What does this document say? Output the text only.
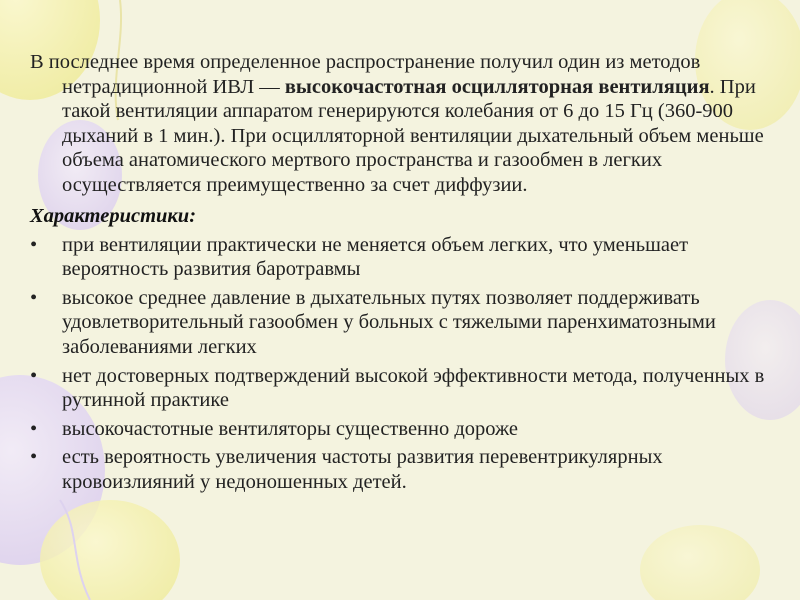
В последнее время определенное распространение получил один из методов нетрадиционной ИВЛ — высокочастотная осцилляторная вентиляция. При такой вентиляции аппаратом генерируются колебания от 6 до 15 Гц (360-900 дыханий в 1 мин.). При осцилляторной вентиляции дыхательный объем меньше объема анатомического мертвого пространства и газообмен в легких осуществляется преимущественно за счет диффузии.

Характеристики:
•	при вентиляции практически не меняется объем легких, что уменьшает вероятность развития баротравмы
•	высокое среднее давление в дыхательных путях позволяет поддерживать удовлетворительный газообмен у больных с тяжелыми паренхиматозными заболеваниями легких
•	нет достоверных подтверждений высокой эффективности метода, полученных в рутинной практике
•	высокочастотные вентиляторы существенно дороже
•	есть вероятность увеличения частоты развития перевентрикулярных кровоизлияний у недоношенных детей.
